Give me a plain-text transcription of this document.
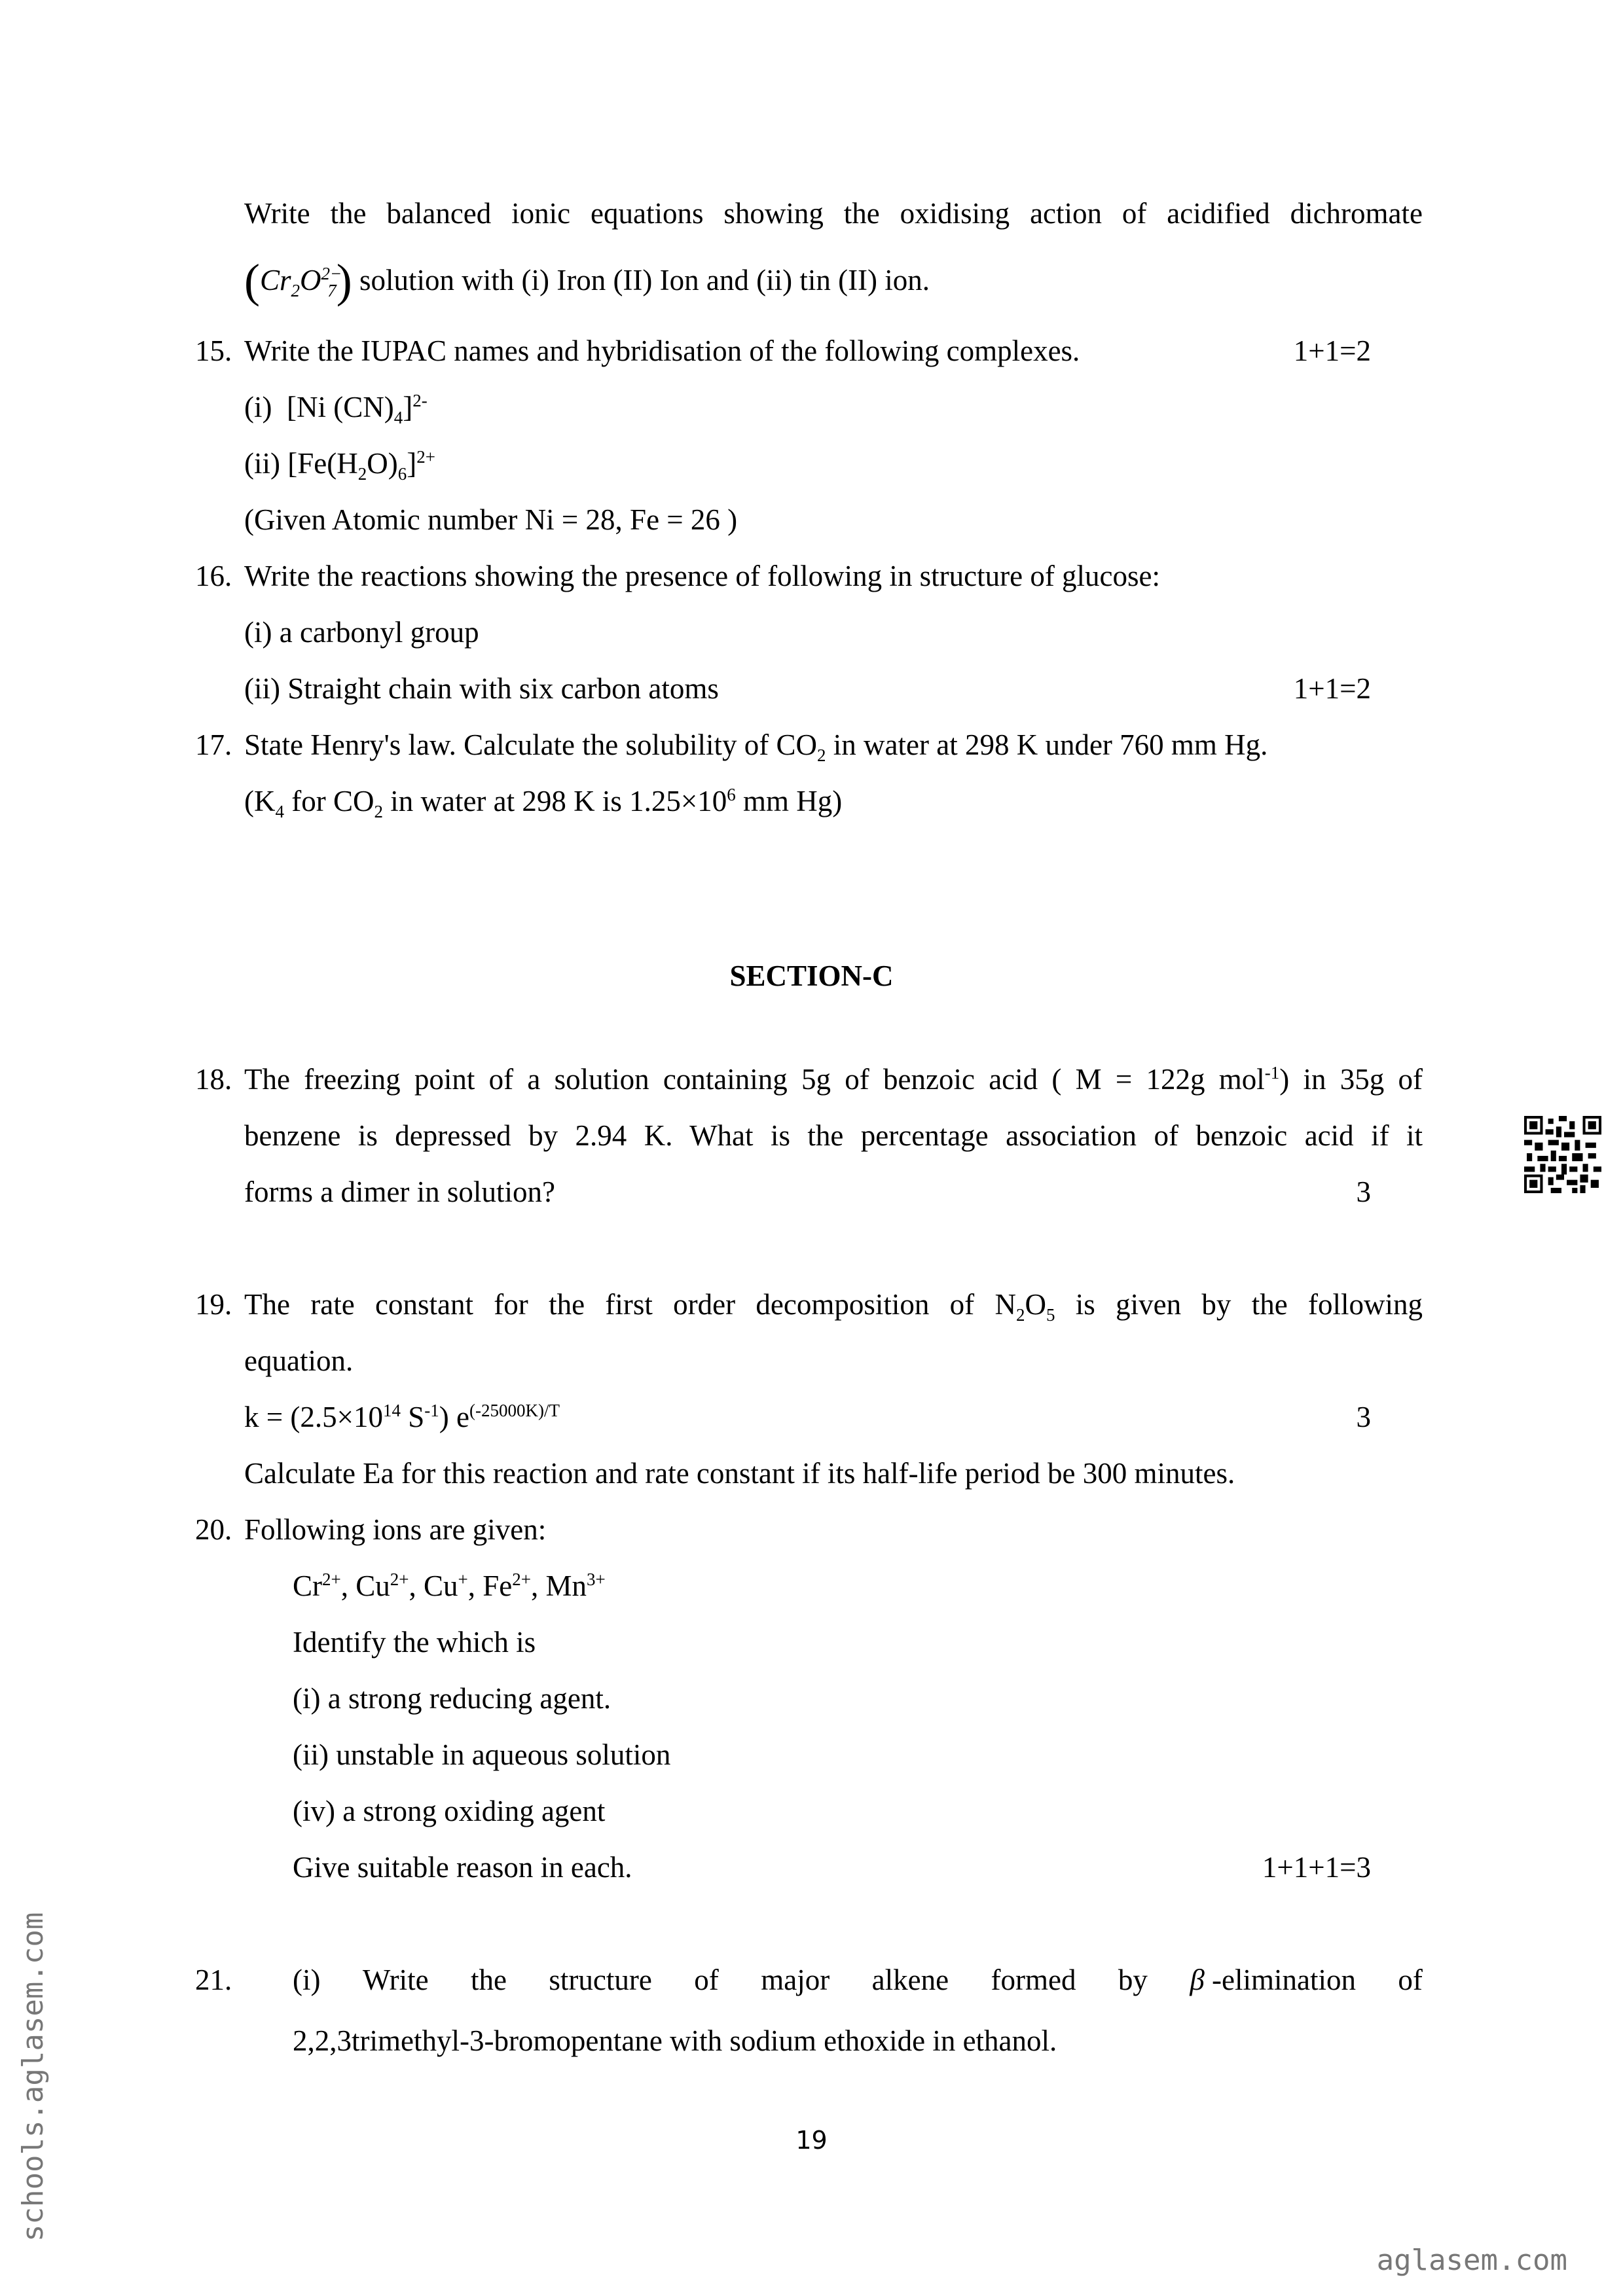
Write the balanced ionic equations showing the oxidising action of acidified dichromate
$(Cr_2O^{2-}_7)$ solution with (i) Iron (II) Ion and (ii) tin (II) ion.
15. Write the IUPAC names and hybridisation of the following complexes.	1+1=2
(i) [Ni $(CN)_4]^{2-}$
(ii) $[Fe(H_2O)_6]^{2+}$
(Given Atomic number Ni = 28, Fe = 26 )
16. Write the reactions showing the presence of following in structure of glucose:
(i) a carbonyl group
(ii) Straight chain with six carbon atoms	1+1=2
17. State Henry's law. Calculate the solubility of $CO_2$ in water at 298 K under 760 mm Hg.
($K_4$ for $CO_2$ in water at 298 K is $1.25\times 10^6$ mm Hg)
SECTION-C
18. The freezing point of a solution containing 5g of benzoic acid ( M = 122g mol$^{-1}$) in 35g of
benzene is depressed by 2.94 K. What is the percentage association of benzoic acid if it
forms a dimer in solution?	3
19. The rate constant for the first order decomposition of $N_2O_5$ is given by the following
equation.
$k = (2.5\times 10^{14}$ $S^{-1}$) $e^{(-25000K)/T}$	3
Calculate Ea for this reaction and rate constant if its half-life period be 300 minutes.
20. Following ions are given:
$Cr^{2+}$, $Cu^{2+}$, Cu+, $Fe^{2+}$, $Mn^{3+}$
Identify the which is
(i) a strong reducing agent.
(ii) unstable in aqueous solution
(iv) a strong oxiding agent
Give suitable reason in each.	1+1+1=3
21. (i) Write the structure of major alkene formed by β -elimination of
2,2,3trimethyl-3-bromopentane with sodium ethoxide in ethanol.
19
schools.aglasem.com
aglasem.com
